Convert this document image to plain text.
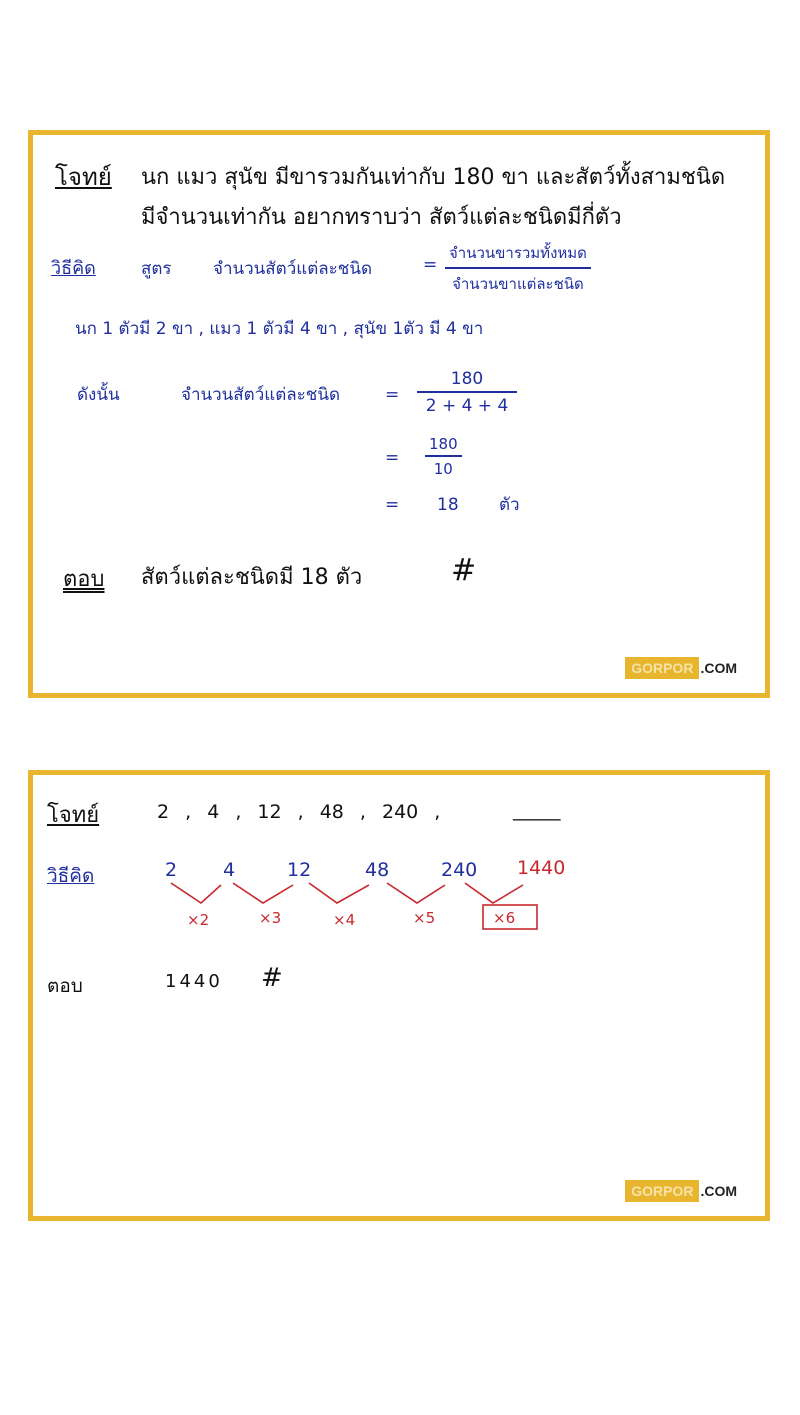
โจทย์ นก แมว สุนัข มีขารวมกันเท่ากับ 180 ขา และสัตว์ทั้งสามชนิด
มีจำนวนเท่ากัน อยากทราบว่า สัตว์แต่ละชนิดมีกี่ตัว
วิธีคิด	สูตร จำนวนสัตว์แต่ละชนิด	=
จำนวนขารวมทั้งหมด
จำนวนขาแต่ละชนิด
นก 1 ตัวมี 2 ขา , แมว 1 ตัวมี 4 ขา , สุนัข 1ตัว มี 4 ขา
ดังนั้น	จำนวนสัตว์แต่ละชนิด	= $\frac{180}{2 + 4 + 4}$
= $\frac{180}{10}$
= 18 ตัว
ตอบ สัตว์แต่ละชนิดมี 18 ตัว	#
GORPOR .COM
โจทย์	2 , 4 , 12 , 48 , 240 ,	_____
วิธีคิด	2 4	12	48	240 1440
×2	×3	×4	×5	×6
ตอบ	1440 #
GORPOR .COM
